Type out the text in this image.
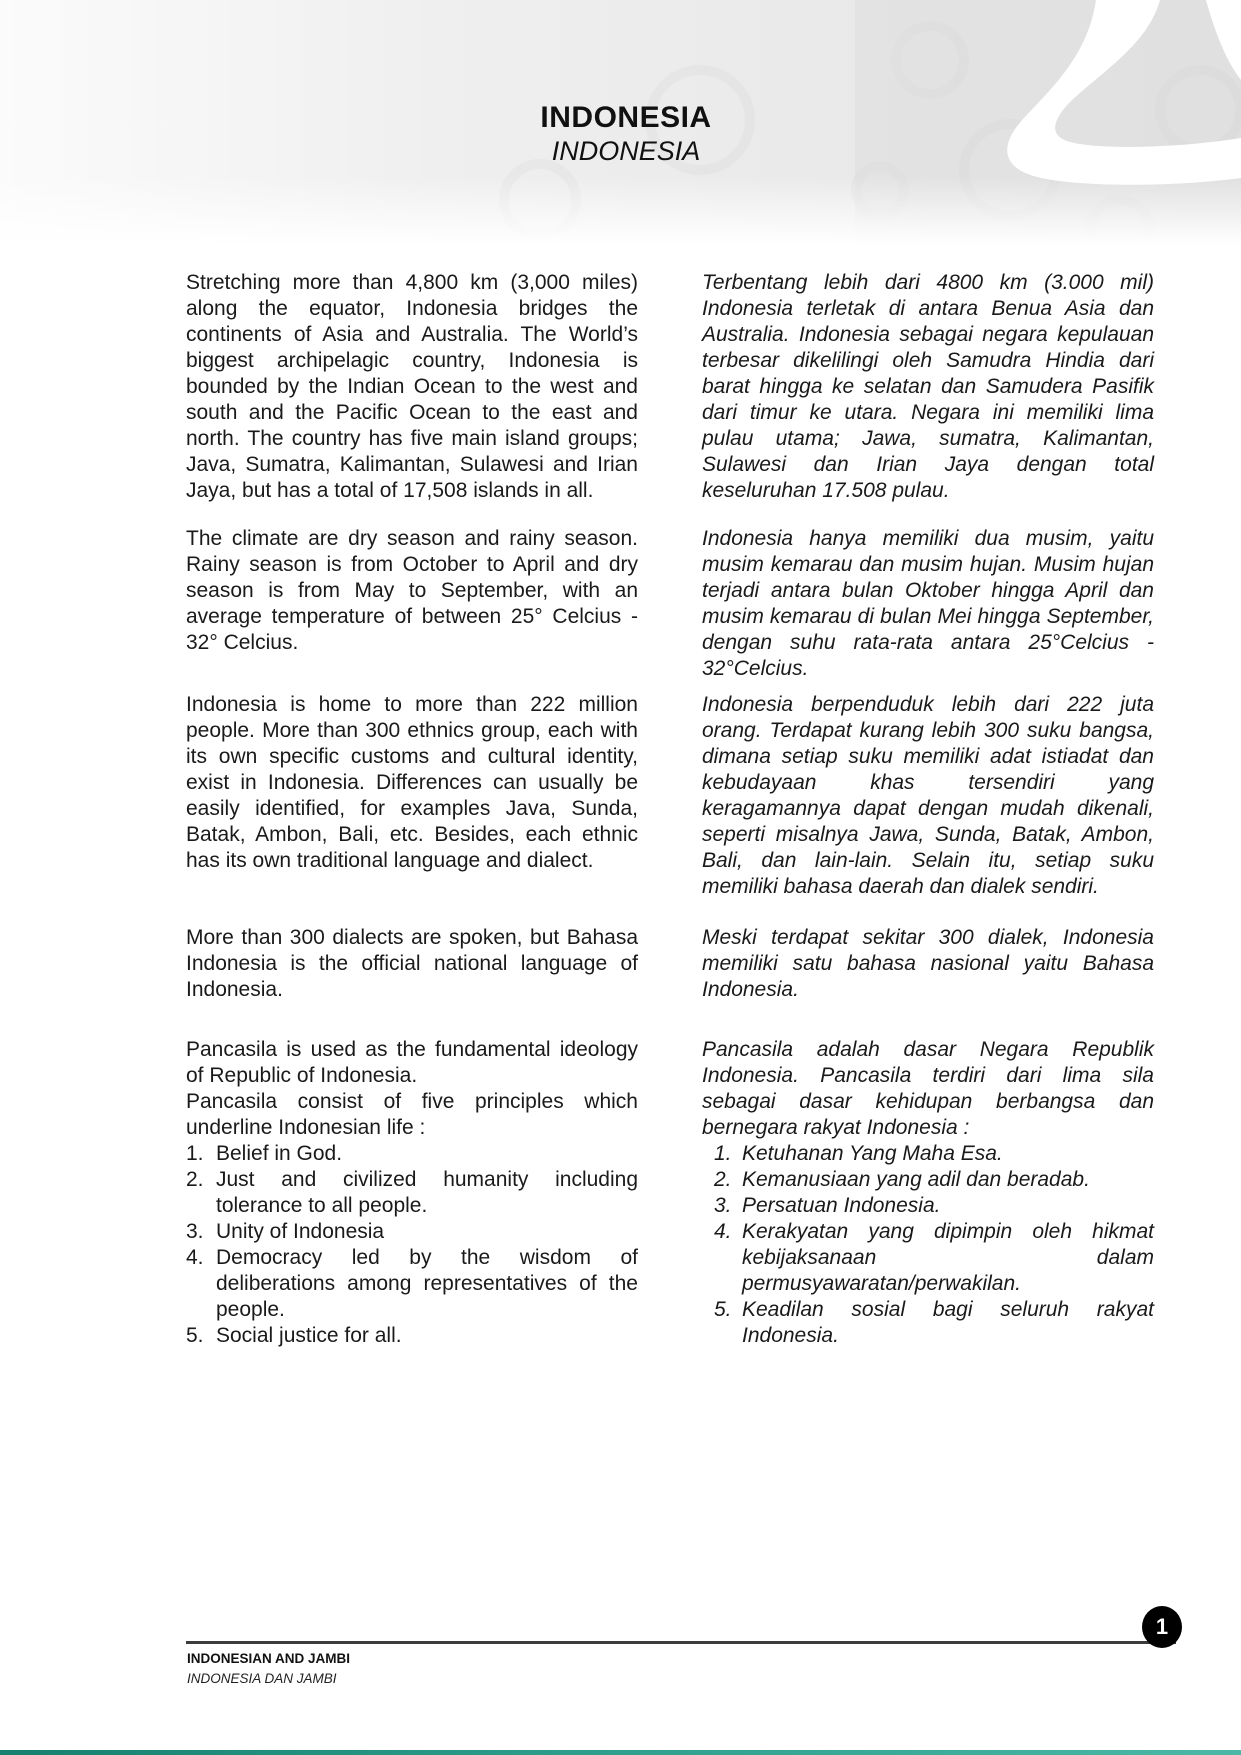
INDONESIA
INDONESIA
Stretching more than 4,800 km (3,000 miles) along the equator, Indonesia bridges the continents of Asia and Australia. The World’s biggest archipelagic country, Indonesia is bounded by the Indian Ocean to the west and south and the Pacific Ocean to the east and north. The country has five main island groups; Java, Sumatra, Kalimantan, Sulawesi and Irian Jaya, but has a total of 17,508 islands in all.
Terbentang lebih dari 4800 km (3.000 mil) Indonesia terletak di antara Benua Asia dan Australia. Indonesia sebagai negara kepulauan terbesar dikelilingi oleh Samudra Hindia dari barat hingga ke selatan dan Samudera Pasifik dari timur ke utara. Negara ini memiliki lima pulau utama; Jawa, sumatra, Kalimantan, Sulawesi dan Irian Jaya dengan total keseluruhan 17.508 pulau.
The climate are dry season and rainy season. Rainy season is from October to April and dry season is from May to September, with an average temperature of between 25° Celcius - 32° Celcius.
Indonesia hanya memiliki dua musim, yaitu musim kemarau dan musim hujan. Musim hujan terjadi antara bulan Oktober hingga April dan musim kemarau di bulan Mei hingga September, dengan suhu rata-rata antara 25°Celcius - 32°Celcius.
Indonesia is home to more than 222 million people. More than 300 ethnics group, each with its own specific customs and cultural identity, exist in Indonesia. Differences can usually be easily identified, for examples Java, Sunda, Batak, Ambon, Bali, etc. Besides, each ethnic has its own traditional language and dialect.
Indonesia berpenduduk lebih dari 222 juta orang. Terdapat kurang lebih 300 suku bangsa, dimana setiap suku memiliki adat istiadat dan kebudayaan khas tersendiri yang keragamannya dapat dengan mudah dikenali, seperti misalnya Jawa, Sunda, Batak, Ambon, Bali, dan lain-lain. Selain itu, setiap suku memiliki bahasa daerah dan dialek sendiri.
More than 300 dialects are spoken, but Bahasa Indonesia is the official national language of Indonesia.
Meski terdapat sekitar 300 dialek, Indonesia memiliki satu bahasa nasional yaitu Bahasa Indonesia.
Pancasila is used as the fundamental ideology of Republic of Indonesia.
Pancasila consist of five principles which underline Indonesian life :
1. Belief in God.
2. Just and civilized humanity including tolerance to all people.
3. Unity of Indonesia
4. Democracy led by the wisdom of deliberations among representatives of the people.
5. Social justice for all.
Pancasila adalah dasar Negara Republik Indonesia. Pancasila terdiri dari lima sila sebagai dasar kehidupan berbangsa dan bernegara rakyat Indonesia :
1. Ketuhanan Yang Maha Esa.
2. Kemanusiaan yang adil dan beradab.
3. Persatuan Indonesia.
4. Kerakyatan yang dipimpin oleh hikmat kebijaksanaan dalam permusyawaratan/perwakilan.
5. Keadilan sosial bagi seluruh rakyat Indonesia.
1
INDONESIAN AND JAMBI
INDONESIA DAN JAMBI
